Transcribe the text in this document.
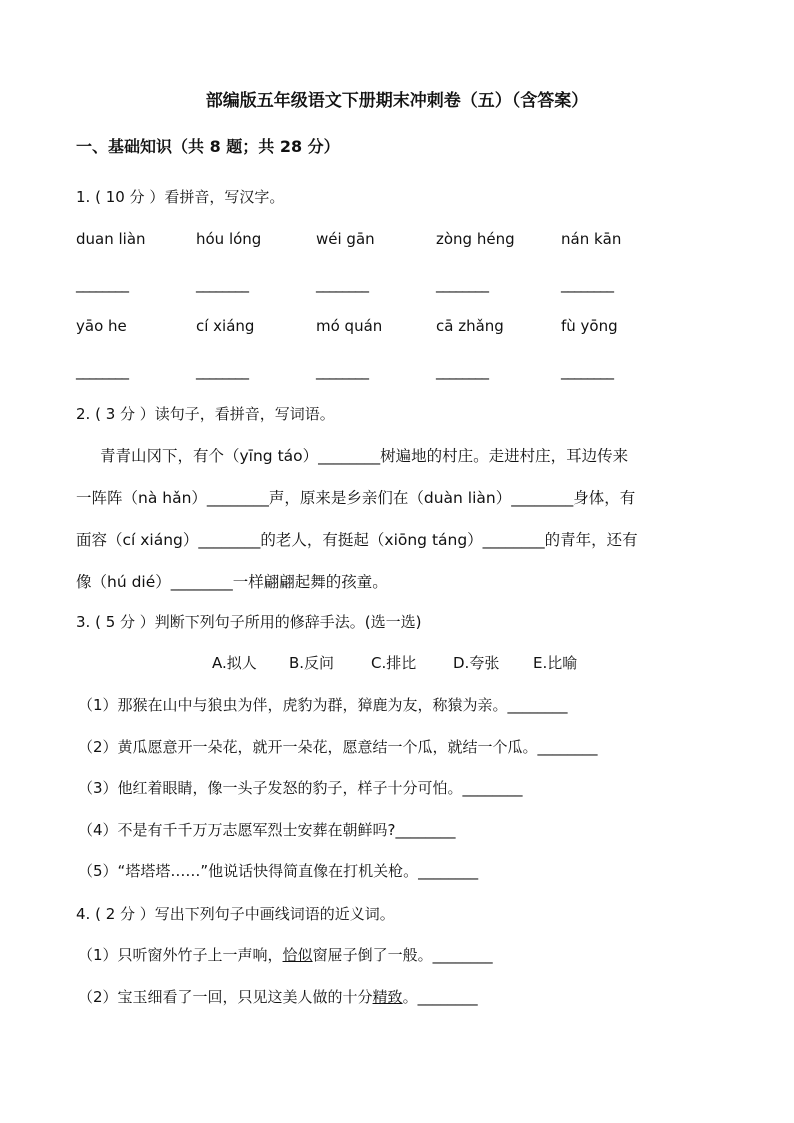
部编版五年级语文下册期末冲刺卷（五）（含答案）
一、基础知识（共 8 题；共 28 分）
1. ( 10 分 ）看拼音，写汉字。
duan liàn	hóu lóng	wéi gān	zòng héng	nán kān
________	________	________	________	________
yāo he	cí xiáng	mó quán	cā zhǎng	fù yōng
________	________	________	________	________
2. ( 3 分 ）读句子，看拼音，写词语。
青青山冈下，有个（yīng táo）________树遍地的村庄。走进村庄，耳边传来
一阵阵（nà hǎn）________声，原来是乡亲们在（duàn liàn）________身体，有
面容（cí xiáng）________的老人，有挺起（xiōng táng）________的青年，还有
像（hú dié）________一样翩翩起舞的孩童。
3. ( 5 分 ）判断下列句子所用的修辞手法。(选一选)
A.拟人 B.反问 C.排比 D.夸张 E.比喻
（1）那猴在山中与狼虫为伴，虎豹为群，獐鹿为友，称猿为亲。________
（2）黄瓜愿意开一朵花，就开一朵花，愿意结一个瓜，就结一个瓜。________
（3）他红着眼睛，像一头子发怒的豹子，样子十分可怕。________
（4）不是有千千万万志愿军烈士安葬在朝鲜吗?________
（5）“塔塔塔……”他说话快得简直像在打机关枪。________
4. ( 2 分 ）写出下列句子中画线词语的近义词。
（1）只听窗外竹子上一声响，恰似窗屉子倒了一般。________
（2）宝玉细看了一回，只见这美人做的十分精致。________
